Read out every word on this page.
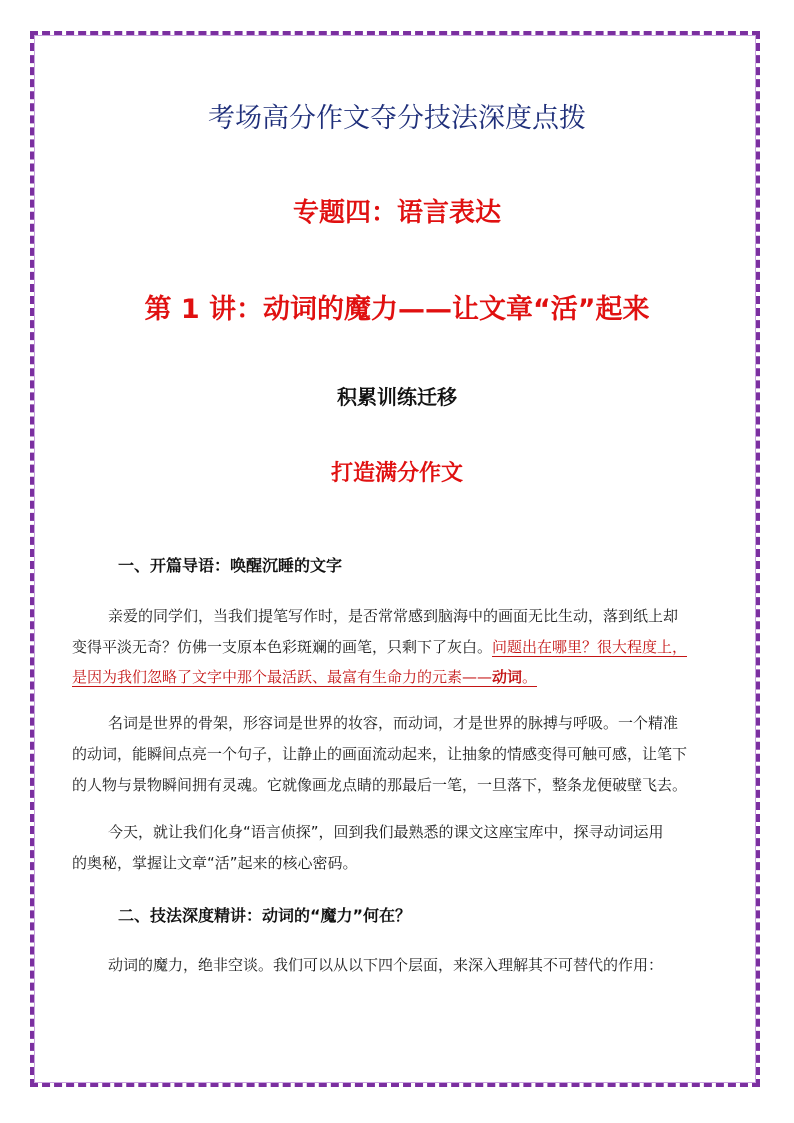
考场高分作文夺分技法深度点拨
专题四：语言表达
第 1 讲：动词的魔力——让文章“活”起来
积累训练迁移
打造满分作文
一、开篇导语：唤醒沉睡的文字
亲爱的同学们，当我们提笔写作时，是否常常感到脑海中的画面无比生动，落到纸上却
变得平淡无奇？仿佛一支原本色彩斑斓的画笔，只剩下了灰白。问题出在哪里？很大程度上，
是因为我们忽略了文字中那个最活跃、最富有生命力的元素——动词。
名词是世界的骨架，形容词是世界的妆容，而动词，才是世界的脉搏与呼吸。一个精准
的动词，能瞬间点亮一个句子，让静止的画面流动起来，让抽象的情感变得可触可感，让笔下
的人物与景物瞬间拥有灵魂。它就像画龙点睛的那最后一笔，一旦落下，整条龙便破壁飞去。
今天，就让我们化身“语言侦探”，回到我们最熟悉的课文这座宝库中，探寻动词运用
的奥秘，掌握让文章“活”起来的核心密码。
二、技法深度精讲：动词的“魔力”何在？
动词的魔力，绝非空谈。我们可以从以下四个层面，来深入理解其不可替代的作用：
